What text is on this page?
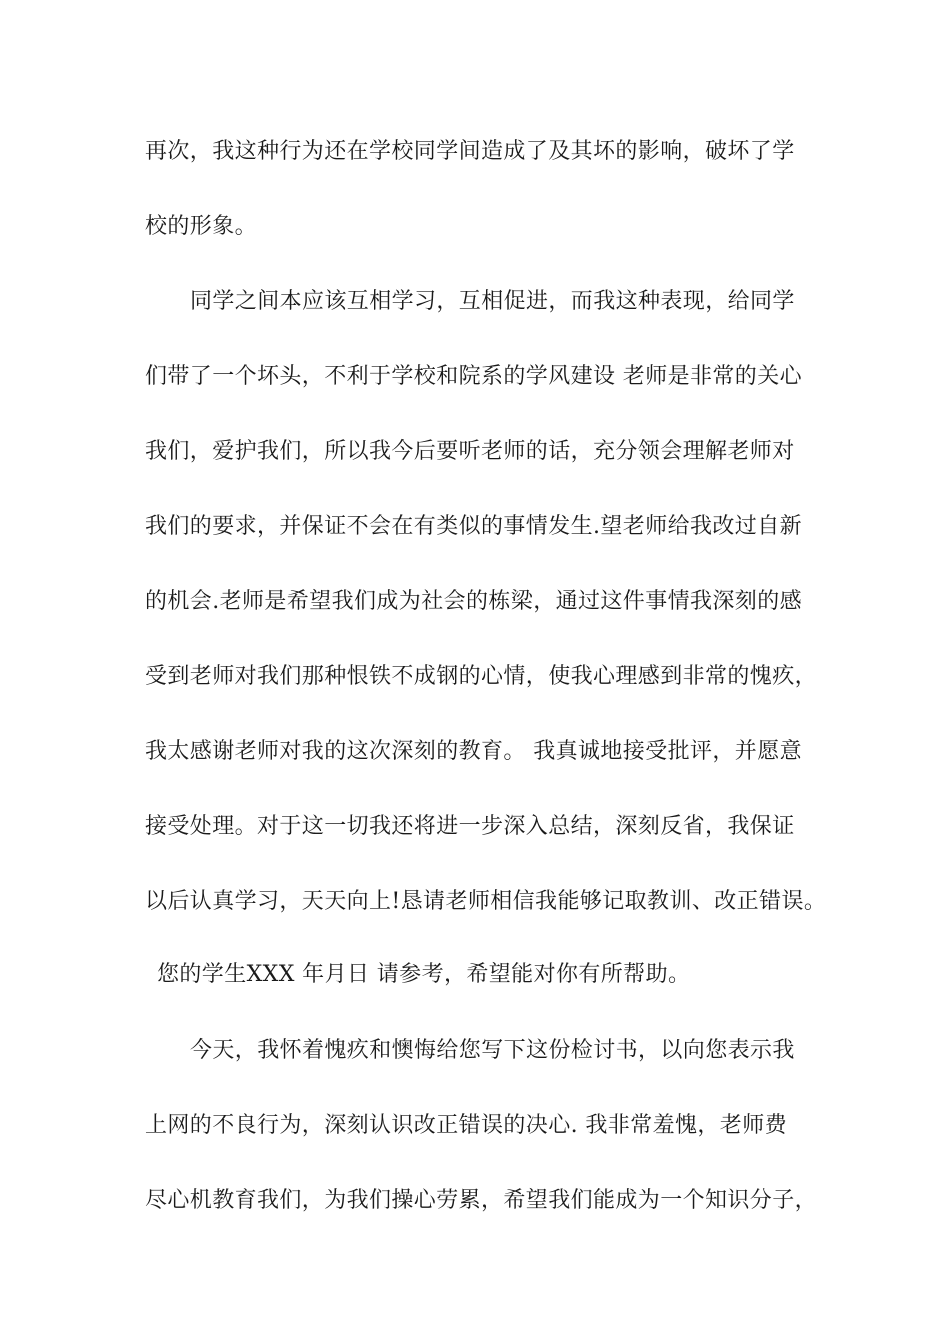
再次，我这种行为还在学校同学间造成了及其坏的影响，破坏了学
校的形象。
同学之间本应该互相学习，互相促进，而我这种表现，给同学
们带了一个坏头，不利于学校和院系的学风建设 老师是非常的关心
我们，爱护我们，所以我今后要听老师的话，充分领会理解老师对
我们的要求，并保证不会在有类似的事情发生.望老师给我改过自新
的机会.老师是希望我们成为社会的栋梁，通过这件事情我深刻的感
受到老师对我们那种恨铁不成钢的心情，使我心理感到非常的愧疚，
我太感谢老师对我的这次深刻的教育。 我真诚地接受批评，并愿意
接受处理。对于这一切我还将进一步深入总结，深刻反省，我保证
以后认真学习，天天向上!恳请老师相信我能够记取教训、改正错误。
您的学生XXX 年月日 请参考，希望能对你有所帮助。
今天，我怀着愧疚和懊悔给您写下这份检讨书，以向您表示我
上网的不良行为，深刻认识改正错误的决心. 我非常羞愧，老师费
尽心机教育我们，为我们操心劳累，希望我们能成为一个知识分子，
